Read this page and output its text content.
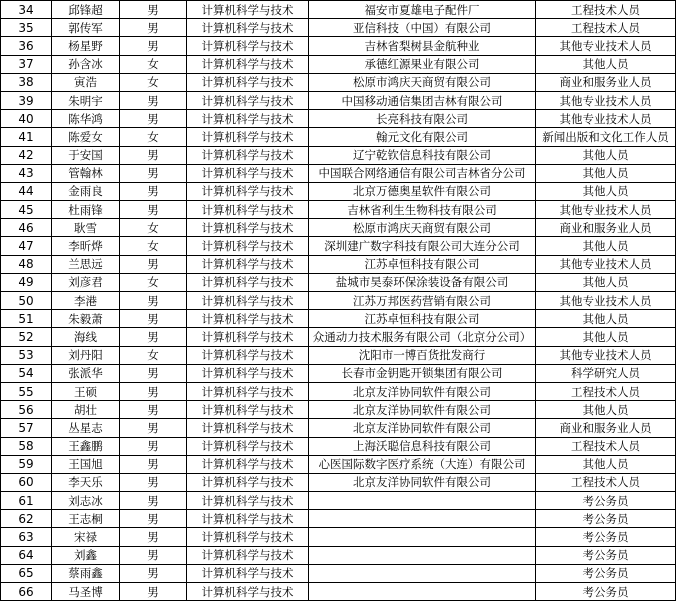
34	邱锋超	男	计算机科学与技术	福安市夏雄电子配件厂	工程技术人员
35	郭传军	男	计算机科学与技术	亚信科技（中国）有限公司	工程技术人员
36	杨星野	男	计算机科学与技术	吉林省梨树县金航种业	其他专业技术人员
37	孙含冰	女	计算机科学与技术	承德红源果业有限公司	其他人员
38	寅浩	女	计算机科学与技术	松原市鸿庆天商贸有限公司	商业和服务业人员
39	朱明宇	男	计算机科学与技术	中国移动通信集团吉林有限公司	其他专业技术人员
40	陈华鸿	男	计算机科学与技术	长亮科技有限公司	其他专业技术人员
41	陈爱女	女	计算机科学与技术	翰元文化有限公司	新闻出版和文化工作人员
42	于安国	男	计算机科学与技术	辽宁乾钦信息科技有限公司	其他人员
43	管翰林	男	计算机科学与技术	中国联合网络通信有限公司吉林省分公司	其他人员
44	金雨良	男	计算机科学与技术	北京万德奥星软件有限公司	其他人员
45	杜雨锋	男	计算机科学与技术	吉林省利生生物科技有限公司	其他专业技术人员
46	耿雪	女	计算机科学与技术	松原市鸿庆天商贸有限公司	商业和服务业人员
47	李昕烨	女	计算机科学与技术	深圳建广数字科技有限公司大连分公司	其他人员
48	兰思远	男	计算机科学与技术	江苏卓恒科技有限公司	其他专业技术人员
49	刘彦君	女	计算机科学与技术	盐城市昊泰环保涂装设备有限公司	其他人员
50	李港	男	计算机科学与技术	江苏万邦医药营销有限公司	其他专业技术人员
51	朱毅萧	男	计算机科学与技术	江苏卓恒科技有限公司	其他人员
52	海线	男	计算机科学与技术	众通动力技术服务有限公司（北京分公司）	其他人员
53	刘丹阳	女	计算机科学与技术	沈阳市一博百货批发商行	其他专业技术人员
54	张派华	男	计算机科学与技术	长春市金钥匙开锁集团有限公司	科学研究人员
55	王硕	男	计算机科学与技术	北京友洋协同软件有限公司	工程技术人员
56	胡壮	男	计算机科学与技术	北京友洋协同软件有限公司	其他人员
57	丛星志	男	计算机科学与技术	北京友洋协同软件有限公司	商业和服务业人员
58	王鑫鹏	男	计算机科学与技术	上海沃聪信息科技有限公司	工程技术人员
59	王国旭	男	计算机科学与技术	心医国际数字医疗系统（大连）有限公司	其他人员
60	李天乐	男	计算机科学与技术	北京友洋协同软件有限公司	工程技术人员
61	刘志冰	男	计算机科学与技术		考公务员
62	王志桐	男	计算机科学与技术		考公务员
63	宋禄	男	计算机科学与技术		考公务员
64	刘鑫	男	计算机科学与技术		考公务员
65	蔡雨鑫	男	计算机科学与技术		考公务员
66	马圣博	男	计算机科学与技术		考公务员
